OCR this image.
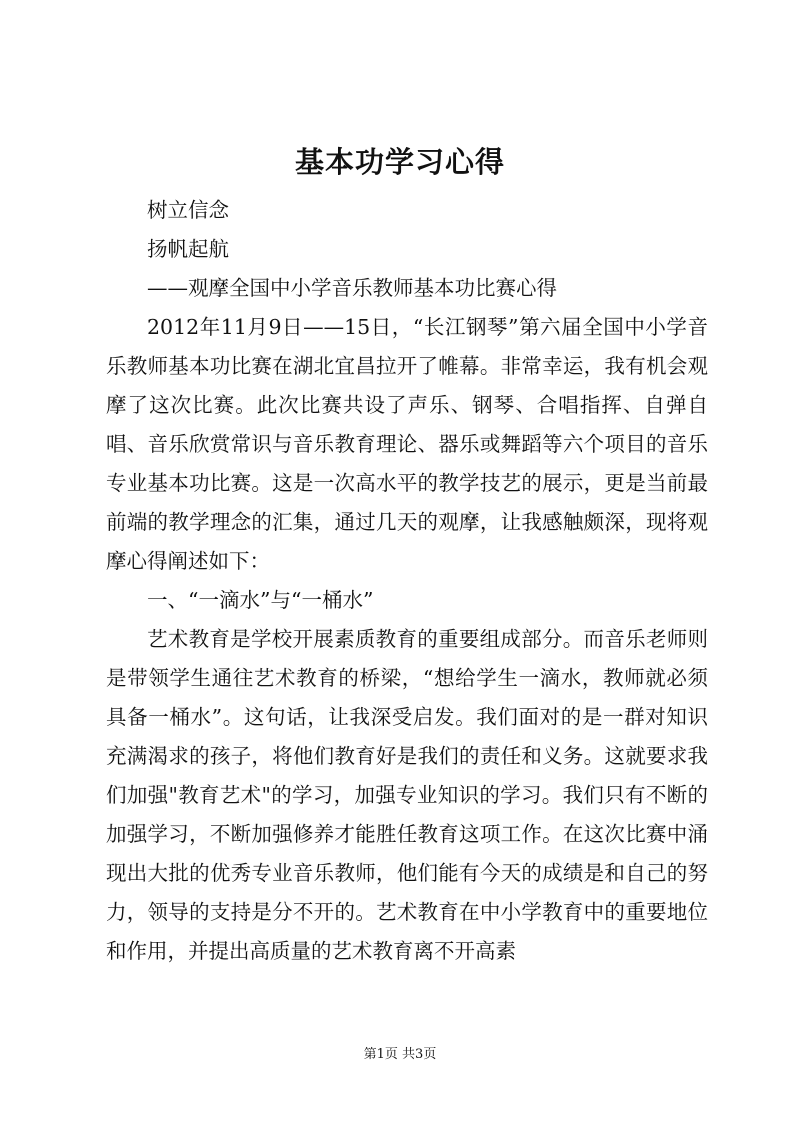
基本功学习心得

树立信念

扬帆起航

——观摩全国中小学音乐教师基本功比赛心得

2012年11月9日——15日，“长江钢琴”第六届全国中小学音乐教师基本功比赛在湖北宜昌拉开了帷幕。非常幸运，我有机会观摩了这次比赛。此次比赛共设了声乐、钢琴、合唱指挥、自弹自唱、音乐欣赏常识与音乐教育理论、器乐或舞蹈等六个项目的音乐专业基本功比赛。这是一次高水平的教学技艺的展示，更是当前最前端的教学理念的汇集，通过几天的观摩，让我感触颇深，现将观摩心得阐述如下：

一、“一滴水”与“一桶水”

艺术教育是学校开展素质教育的重要组成部分。而音乐老师则是带领学生通往艺术教育的桥梁，“想给学生一滴水，教师就必须具备一桶水”。这句话，让我深受启发。我们面对的是一群对知识充满渴求的孩子，将他们教育好是我们的责任和义务。这就要求我们加强"教育艺术"的学习，加强专业知识的学习。我们只有不断的加强学习，不断加强修养才能胜任教育这项工作。在这次比赛中涌现出大批的优秀专业音乐教师，他们能有今天的成绩是和自己的努力，领导的支持是分不开的。艺术教育在中小学教育中的重要地位和作用，并提出高质量的艺术教育离不开高素

第1页 共3页
